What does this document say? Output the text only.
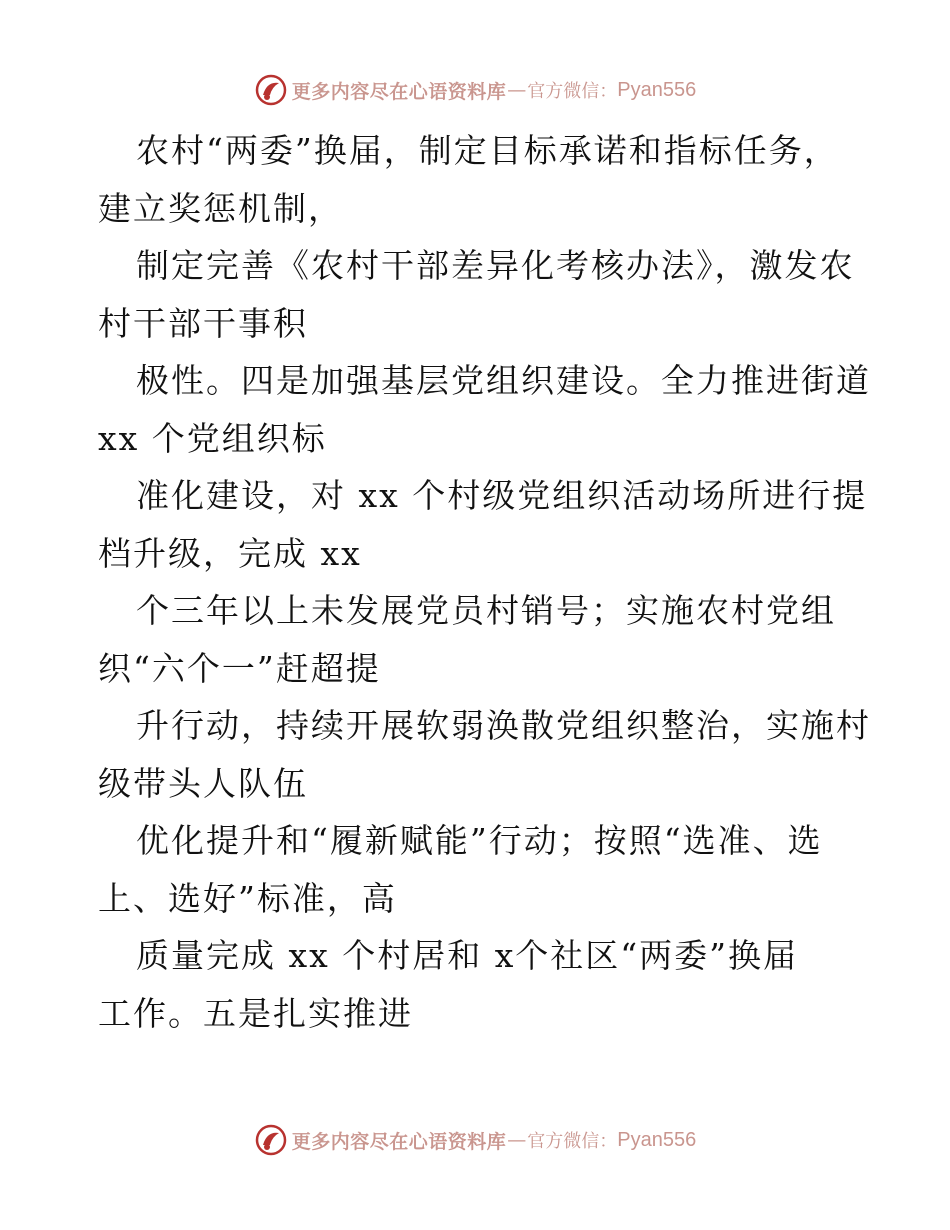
更多内容尽在心语资料库 — 官方微信： Pyan556
农村“两委”换届，制定目标承诺和指标任务，
建立奖惩机制，
制定完善《农村干部差异化考核办法》，激发农
村干部干事积
极性。四是加强基层党组织建设。全力推进街道
xx 个党组织标
准化建设，对 xx 个村级党组织活动场所进行提
档升级，完成 xx
个三年以上未发展党员村销号；实施农村党组
织“六个一”赶超提
升行动，持续开展软弱涣散党组织整治，实施村
级带头人队伍
优化提升和“履新赋能”行动；按照“选准、选
上、选好”标准，高
质量完成 xx 个村居和 x个社区“两委”换届
工作。五是扎实推进
更多内容尽在心语资料库 — 官方微信： Pyan556
